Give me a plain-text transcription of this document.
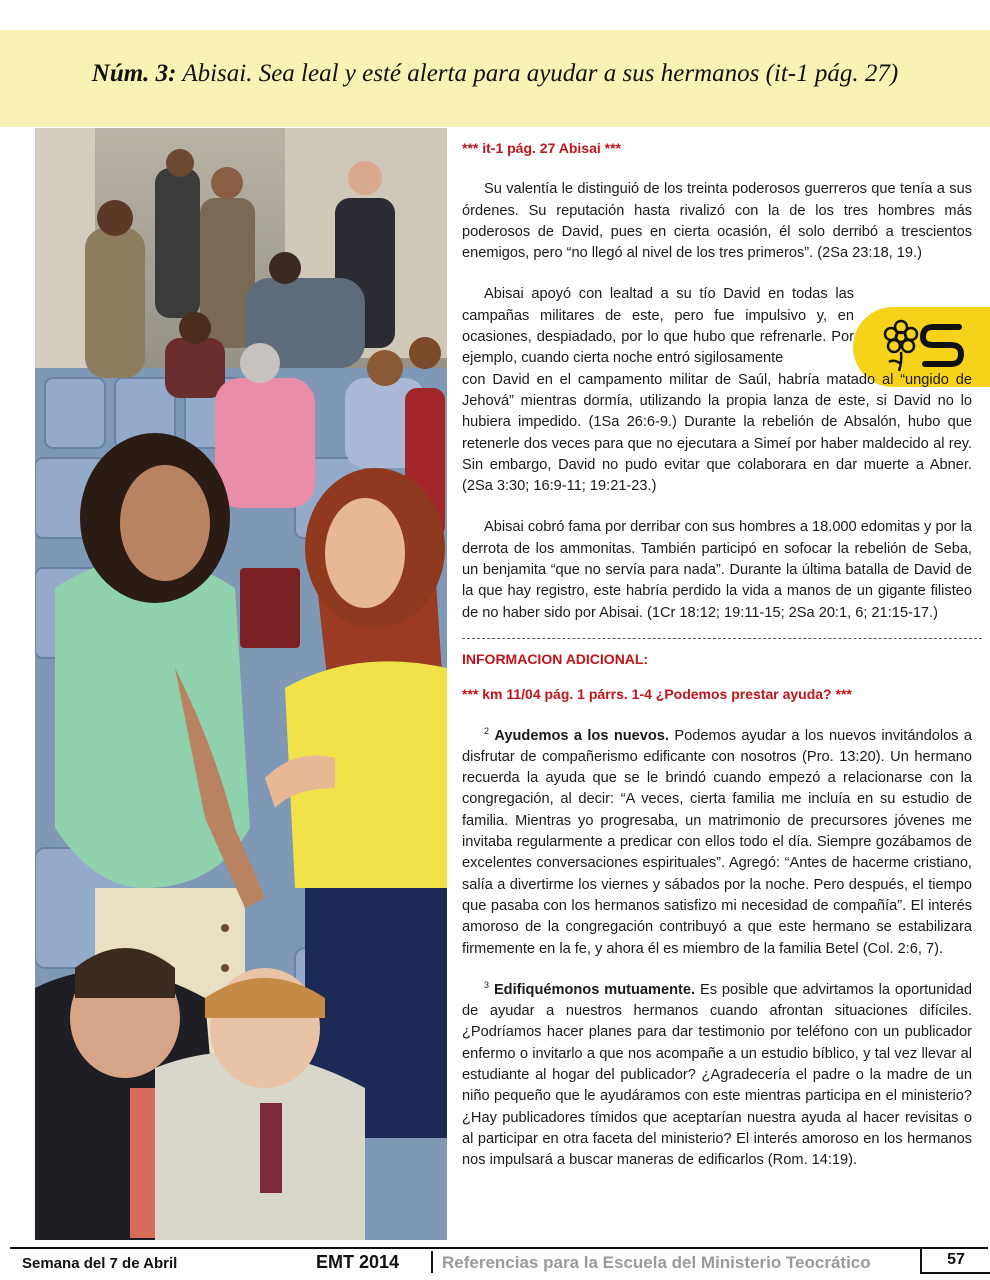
Núm. 3: Abisai. Sea leal y esté alerta para ayudar a sus hermanos (it-1 pág. 27)

*** it-1 pág. 27 Abisai ***

Su valentía le distinguió de los treinta poderosos guerreros que tenía a sus órdenes. Su reputación hasta rivalizó con la de los tres hombres más poderosos de David, pues en cierta ocasión, él solo derribó a trescientos enemigos, pero “no llegó al nivel de los tres primeros”. (2Sa 23:18, 19.)

Abisai apoyó con lealtad a su tío David en todas las campañas militares de este, pero fue impulsivo y, en ocasiones, despiadado, por lo que hubo que refrenarle. Por ejemplo, cuando cierta noche entró sigilosamente

con David en el campamento militar de Saúl, habría matado al “ungido de Jehová” mientras dormía, utilizando la propia lanza de este, si David no lo hubiera impedido. (1Sa 26:6-9.) Durante la rebelión de Absalón, hubo que retenerle dos veces para que no ejecutara a Simeí por haber maldecido al rey. Sin embargo, David no pudo evitar que colaborara en dar muerte a Abner. (2Sa 3:30; 16:9-11; 19:21-23.)

Abisai cobró fama por derribar con sus hombres a 18.000 edomitas y por la derrota de los ammonitas. También participó en sofocar la rebelión de Seba, un benjamita “que no servía para nada”. Durante la última batalla de David de la que hay registro, este habría perdido la vida a manos de un gigante filisteo de no haber sido por Abisai. (1Cr 18:12; 19:11-15; 2Sa 20:1, 6; 21:15-17.)

INFORMACION ADICIONAL:

*** km 11/04 pág. 1 párrs. 1-4 ¿Podemos prestar ayuda? ***

$^2$ Ayudemos a los nuevos. Podemos ayudar a los nuevos invitándolos a disfrutar de compañerismo edificante con nosotros (Pro. 13:20). Un hermano recuerda la ayuda que se le brindó cuando empezó a relacionarse con la congregación, al decir: “A veces, cierta familia me incluía en su estudio de familia. Mientras yo progresaba, un matrimonio de precursores jóvenes me invitaba regularmente a predicar con ellos todo el día. Siempre gozábamos de excelentes conversaciones espirituales”. Agregó: “Antes de hacerme cristiano, salía a divertirme los viernes y sábados por la noche. Pero después, el tiempo que pasaba con los hermanos satisfizo mi necesidad de compañía”. El interés amoroso de la congregación contribuyó a que este hermano se estabilizara firmemente en la fe, y ahora él es miembro de la familia Betel (Col. 2:6, 7).

$^3$ Edifiquémonos mutuamente. Es posible que advirtamos la oportunidad de ayudar a nuestros hermanos cuando afrontan situaciones difíciles. ¿Podríamos hacer planes para dar testimonio por teléfono con un publicador enfermo o invitarlo a que nos acompañe a un estudio bíblico, y tal vez llevar al estudiante al hogar del publicador? ¿Agradecería el padre o la madre de un niño pequeño que le ayudáramos con este mientras participa en el ministerio? ¿Hay publicadores tímidos que aceptarían nuestra ayuda al hacer revisitas o al participar en otra faceta del ministerio? El interés amoroso en los hermanos nos impulsará a buscar maneras de edificarlos (Rom. 14:19).

Semana del 7 de Abril	EMT 2014	Referencias para la Escuela del Ministerio Teocrático	57
